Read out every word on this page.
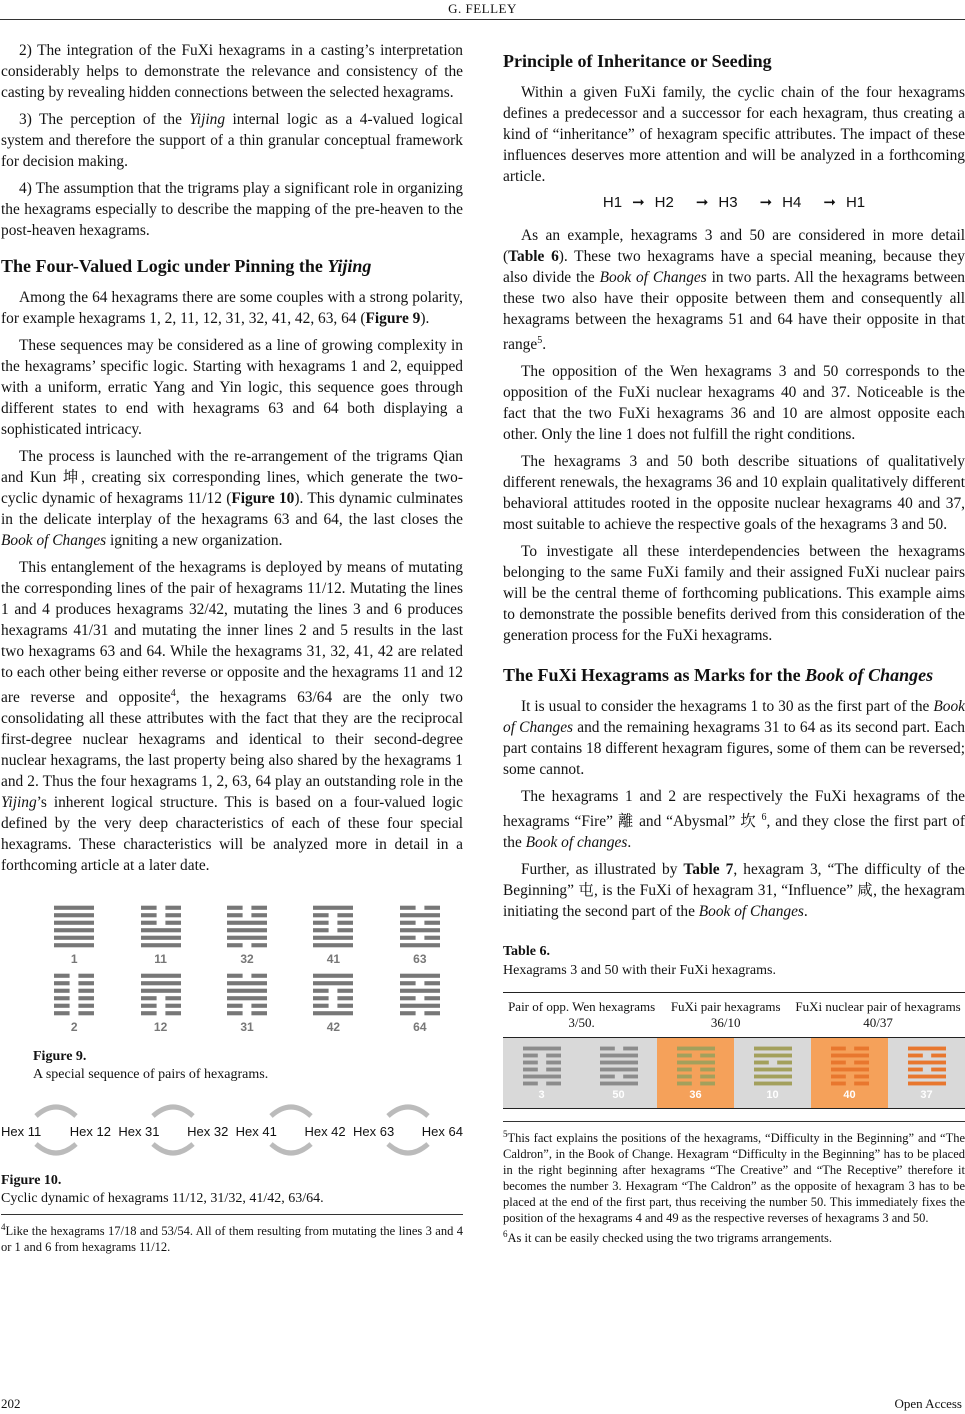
G. FELLEY

2) The integration of the FuXi hexagrams in a casting’s interpretation considerably helps to demonstrate the relevance and consistency of the casting by revealing hidden connections between the selected hexagrams.

3) The perception of the Yijing internal logic as a 4-valued logical system and therefore the support of a thin granular conceptual framework for decision making.

4) The assumption that the trigrams play a significant role in organizing the hexagrams especially to describe the mapping of the pre-heaven to the post-heaven hexagrams.

The Four-Valued Logic under Pinning the Yijing

Among the 64 hexagrams there are some couples with a strong polarity, for example hexagrams 1, 2, 11, 12, 31, 32, 41, 42, 63, 64 (Figure 9).

These sequences may be considered as a line of growing complexity in the hexagrams’ specific logic. Starting with hexagrams 1 and 2, equipped with a uniform, erratic Yang and Yin logic, this sequence goes through different states to end with hexagrams 63 and 64 both displaying a sophisticated intricacy.

The process is launched with the re-arrangement of the trigrams Qian and Kun 坤, creating six corresponding lines, which generate the two-cyclic dynamic of hexagrams 11/12 (Figure 10). This dynamic culminates in the delicate interplay of the hexagrams 63 and 64, the last closes the Book of Changes igniting a new organization.

This entanglement of the hexagrams is deployed by means of mutating the corresponding lines of the pair of hexagrams 11/12. Mutating the lines 1 and 4 produces hexagrams 32/42, mutating the lines 3 and 6 produces hexagrams 41/31 and mutating the inner lines 2 and 5 results in the last two hexagrams 63 and 64. While the hexagrams 31, 32, 41, 42 are related to each other being either reverse or opposite and the hexagrams 11 and 12 are reverse and opposite$^4$, the hexagrams 63/64 are the only two consolidating all these attributes with the fact that they are the reciprocal first-degree nuclear hexagrams and identical to their second-degree nuclear hexagrams, the last property being also shared by the hexagrams 1 and 2. Thus the four hexagrams 1, 2, 63, 64 play an outstanding role in the Yijing’s inherent logical structure. This is based on a four-valued logic defined by the very deep characteristics of each of these four special hexagrams. These characteristics will be analyzed more in detail in a forthcoming article at a later date.

1	11	32	41	63
2	12	31	42	64
Figure 9.
A special sequence of pairs of hexagrams.
Hex 11 Hex 12 Hex 31 Hex 32 Hex 41 Hex 42 Hex 63 Hex 64
Figure 10.
Cyclic dynamic of hexagrams 11/12, 31/32, 41/42, 63/64.
$^4$Like the hexagrams 17/18 and 53/54. All of them resulting from mutating the lines 3 and 4 or 1 and 6 from hexagrams 11/12.
Principle of Inheritance or Seeding

Within a given FuXi family, the cyclic chain of the four hexagrams defines a predecessor and a successor for each hexagram, thus creating a kind of “inheritance” of hexagram specific attributes. The impact of these influences deserves more attention and will be analyzed in a forthcoming article.

H1 ➞ H2 ➞ H3 ➞ H4 ➞ H1

As an example, hexagrams 3 and 50 are considered in more detail (Table 6). These two hexagrams have a special meaning, because they also divide the Book of Changes in two parts. All the hexagrams between these two also have their opposite between them and consequently all hexagrams between the hexagrams 51 and 64 have their opposite in that range$^5$.

The opposition of the Wen hexagrams 3 and 50 corresponds to the opposition of the FuXi nuclear hexagrams 40 and 37. Noticeable is the fact that the two FuXi hexagrams 36 and 10 are almost opposite each other. Only the line 1 does not fulfill the right conditions.

The hexagrams 3 and 50 both describe situations of qualitatively different renewals, the hexagrams 36 and 10 explain qualitatively different behavioral attitudes rooted in the opposite nuclear hexagrams 40 and 37, most suitable to achieve the respective goals of the hexagrams 3 and 50.

To investigate all these interdependencies between the hexagrams belonging to the same FuXi family and their assigned FuXi nuclear pairs will be the central theme of forthcoming publications. This example aims to demonstrate the possible benefits derived from this consideration of the generation process for the FuXi hexagrams.

The FuXi Hexagrams as Marks for the Book of Changes

It is usual to consider the hexagrams 1 to 30 as the first part of the Book of Changes and the remaining hexagrams 31 to 64 as its second part. Each part contains 18 different hexagram figures, some of them can be reversed; some cannot.

The hexagrams 1 and 2 are respectively the FuXi hexagrams of the hexagrams “Fire” 離 and “Abysmal” 坎 $^6$, and they close the first part of the Book of changes.

Further, as illustrated by Table 7, hexagram 3, “The difficulty of the Beginning” 屯, is the FuXi of hexagram 31, “Influence” 咸, the hexagram initiating the second part of the Book of Changes.

Table 6.
Hexagrams 3 and 50 with their FuXi hexagrams.
Pair of opp. Wen hexagrams 3/50.	FuXi pair hexagrams 36/10	FuXi nuclear pair of hexagrams 40/37

3	50	36	10	40	37
$^5$This fact explains the positions of the hexagrams, “Difficulty in the Beginning” and “The Caldron”, in the Book of Change. Hexagram “Difficulty in the Beginning” has to be placed in the right beginning after hexagrams “The Creative” and “The Receptive” therefore it becomes the number 3. Hexagram “The Caldron” as the opposite of hexagram 3 has to be placed at the end of the first part, thus receiving the number 50. This immediately fixes the position of the hexagrams 4 and 49 as the respective reverses of hexagrams 3 and 50.
$^6$As it can be easily checked using the two trigrams arrangements.
202	Open Access
